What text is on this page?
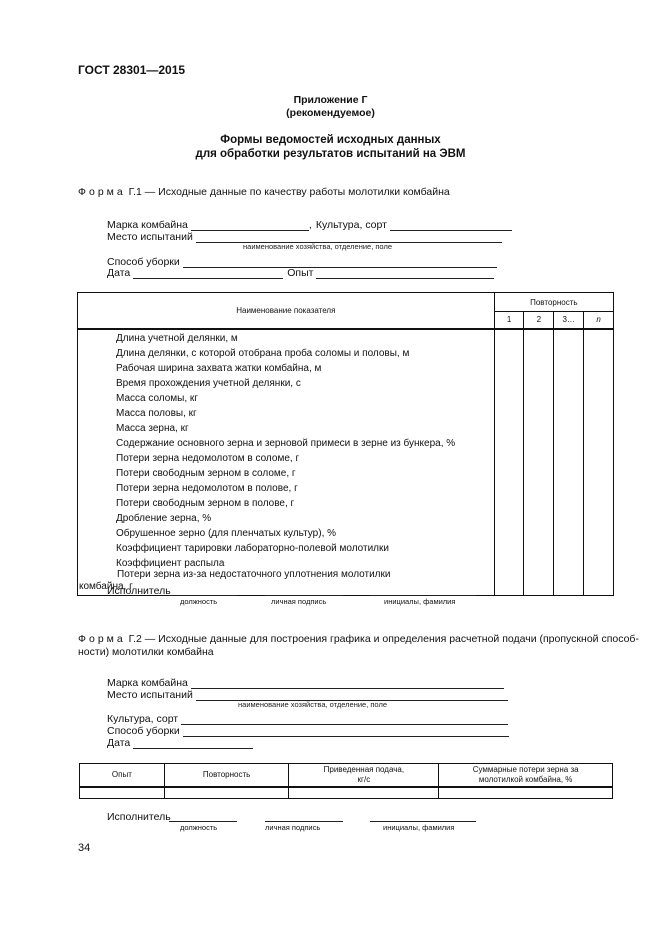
ГОСТ 28301—2015
Приложение Г
(рекомендуемое)
Формы ведомостей исходных данных
для обработки результатов испытаний на ЭВМ
Форма Г.1 — Исходные данные по качеству работы молотилки комбайна
Марка комбайна	, Культура, сорт
Место испытаний
наименование хозяйства, отделение, поле
Способ уборки
Дата	Опыт
Наименование показателя	Повторность			
	1	2	3…	n
Длина учетной делянки, м				
Длина делянки, с которой отобрана проба соломы и половы, м				
Рабочая ширина захвата жатки комбайна, м				
Время прохождения учетной делянки, с				
Масса соломы, кг				
Масса половы, кг				
Масса зерна, кг				
Содержание основного зерна и зерновой примеси в зерне из бункера, %				
Потери зерна недомолотом в соломе, г				
Потери свободным зерном в соломе, г				
Потери зерна недомолотом в полове, г				
Потери свободным зерном в полове, г				
Дробление зерна, %				
Обрушенное зерно (для пленчатых культур), %				
Коэффициент тарировки лабораторно-полевой молотилки				
Коэффициент распыла				
Потери зерна из-за недостаточного уплотнения молотилки комбайна, г				
Исполнитель
должность	личная подпись	инициалы, фамилия
Форма Г.2 — Исходные данные для построения графика и определения расчетной подачи (пропускной способ-
ности) молотилки комбайна
Марка комбайна
Место испытаний
наименование хозяйства, отделение, поле
Культура, сорт
Способ уборки
Дата
Опыт	Повторность	Приведенная подача, кг/с	Суммарные потери зерна за молотилкой комбайна, %

Исполнитель
должность	личная подпись	инициалы, фамилия
34
